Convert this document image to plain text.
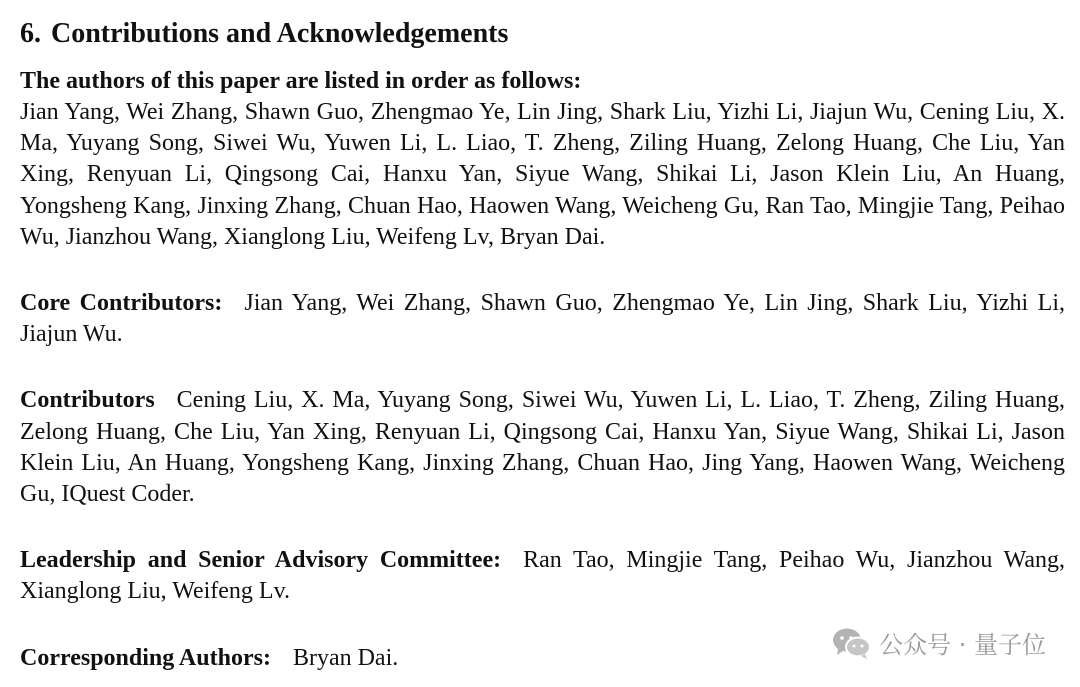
6. Contributions and Acknowledgements
The authors of this paper are listed in order as follows:

Jian Yang, Wei Zhang, Shawn Guo, Zhengmao Ye, Lin Jing, Shark Liu, Yizhi Li, Jiajun Wu, Cening Liu, X. Ma, Yuyang Song, Siwei Wu, Yuwen Li, L. Liao, T. Zheng, Ziling Huang, Zelong Huang, Che Liu, Yan Xing, Renyuan Li, Qingsong Cai, Hanxu Yan, Siyue Wang, Shikai Li, Jason Klein Liu, An Huang, Yongsheng Kang, Jinxing Zhang, Chuan Hao, Haowen Wang, Weicheng Gu, Ran Tao, Mingjie Tang, Peihao Wu, Jianzhou Wang, Xianglong Liu, Weifeng Lv, Bryan Dai.

Core Contributors: Jian Yang, Wei Zhang, Shawn Guo, Zhengmao Ye, Lin Jing, Shark Liu, Yizhi Li, Jiajun Wu.

Contributors Cening Liu, X. Ma, Yuyang Song, Siwei Wu, Yuwen Li, L. Liao, T. Zheng, Ziling Huang, Zelong Huang, Che Liu, Yan Xing, Renyuan Li, Qingsong Cai, Hanxu Yan, Siyue Wang, Shikai Li, Jason Klein Liu, An Huang, Yongsheng Kang, Jinxing Zhang, Chuan Hao, Jing Yang, Haowen Wang, Weicheng Gu, IQuest Coder.

Leadership and Senior Advisory Committee: Ran Tao, Mingjie Tang, Peihao Wu, Jianzhou Wang, Xianglong Liu, Weifeng Lv.

Corresponding Authors: Bryan Dai.	公众号 · 量子位
